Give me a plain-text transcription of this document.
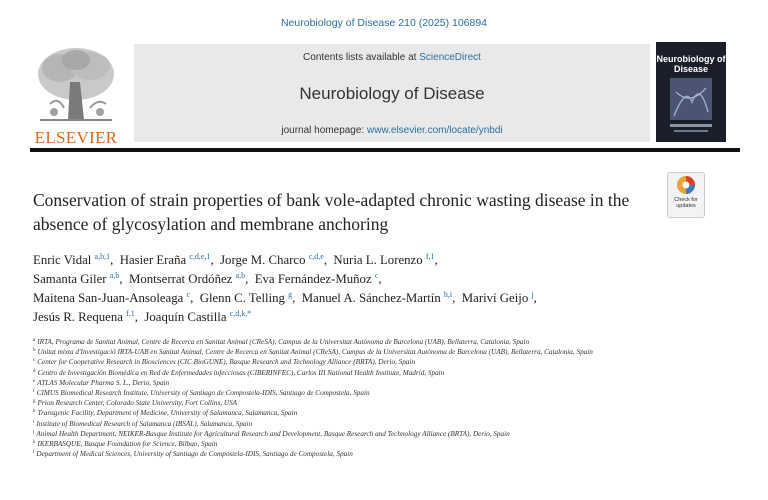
Neurobiology of Disease 210 (2025) 106894
ELSEVIER
Contents lists available at ScienceDirect
Neurobiology of Disease
journal homepage: www.elsevier.com/locate/ynbdi
Neurobiology of Disease
Check for updates
Conservation of strain properties of bank vole-adapted chronic wasting disease in the absence of glycosylation and membrane anchoring
Enric Vidal $^{a,b,1}$,  Hasier Eraña $^{c,d,e,1}$,  Jorge M. Charco $^{c,d,e}$,  Nuria L. Lorenzo $^{f,1}$,
Samanta Giler $^{a,b}$,  Montserrat Ordóñez $^{a,b}$,  Eva Fernández-Muñoz $^c$,
Maitena San-Juan-Ansoleaga $^c$,  Glenn C. Telling $^g$,  Manuel A. Sánchez-Martín $^{h,i}$,  Mariví Geijo $^j$,
Jesús R. Requena $^{f,1}$,  Joaquín Castilla $^{c,d,k,*}$
$^a$ IRTA, Programa de Sanitat Animal, Centre de Recerca en Sanitat Animal (CReSA), Campus de la Universitat Autònoma de Barcelona (UAB), Bellaterra, Catalonia, Spain
$^b$ Unitat mixta d'Investigació IRTA-UAB en Sanitat Animal, Centre de Recerca en Sanitat Animal (CReSA), Campus de la Universitat Autònoma de Barcelona (UAB), Bellaterra, Catalonia, Spain
$^c$ Center for Cooperative Research in Biosciences (CIC BioGUNE), Basque Research and Technology Alliance (BRTA), Derio, Spain
$^d$ Centro de Investigación Biomédica en Red de Enfermedades infecciosas (CIBERINFEC), Carlos III National Health Institute, Madrid, Spain
$^e$ ATLAS Molecular Pharma S. L., Derio, Spain
$^f$ CIMUS Biomedical Research Institute, University of Santiago de Compostela-IDIS, Santiago de Compostela, Spain
$^g$ Prion Research Center, Colorado State University, Fort Collins, USA
$^h$ Transgenic Facility, Department of Medicine, University of Salamanca, Salamanca, Spain
$^i$ Institute of Biomedical Research of Salamanca (IBSAL), Salamanca, Spain
$^j$ Animal Health Department, NEIKER-Basque Institute for Agricultural Research and Development, Basque Research and Technology Alliance (BRTA), Derio, Spain
$^k$ IKERBASQUE, Basque Foundation for Science, Bilbao, Spain
$^l$ Department of Medical Sciences, University of Santiago de Compostela-IDIS, Santiago de Compostela, Spain
